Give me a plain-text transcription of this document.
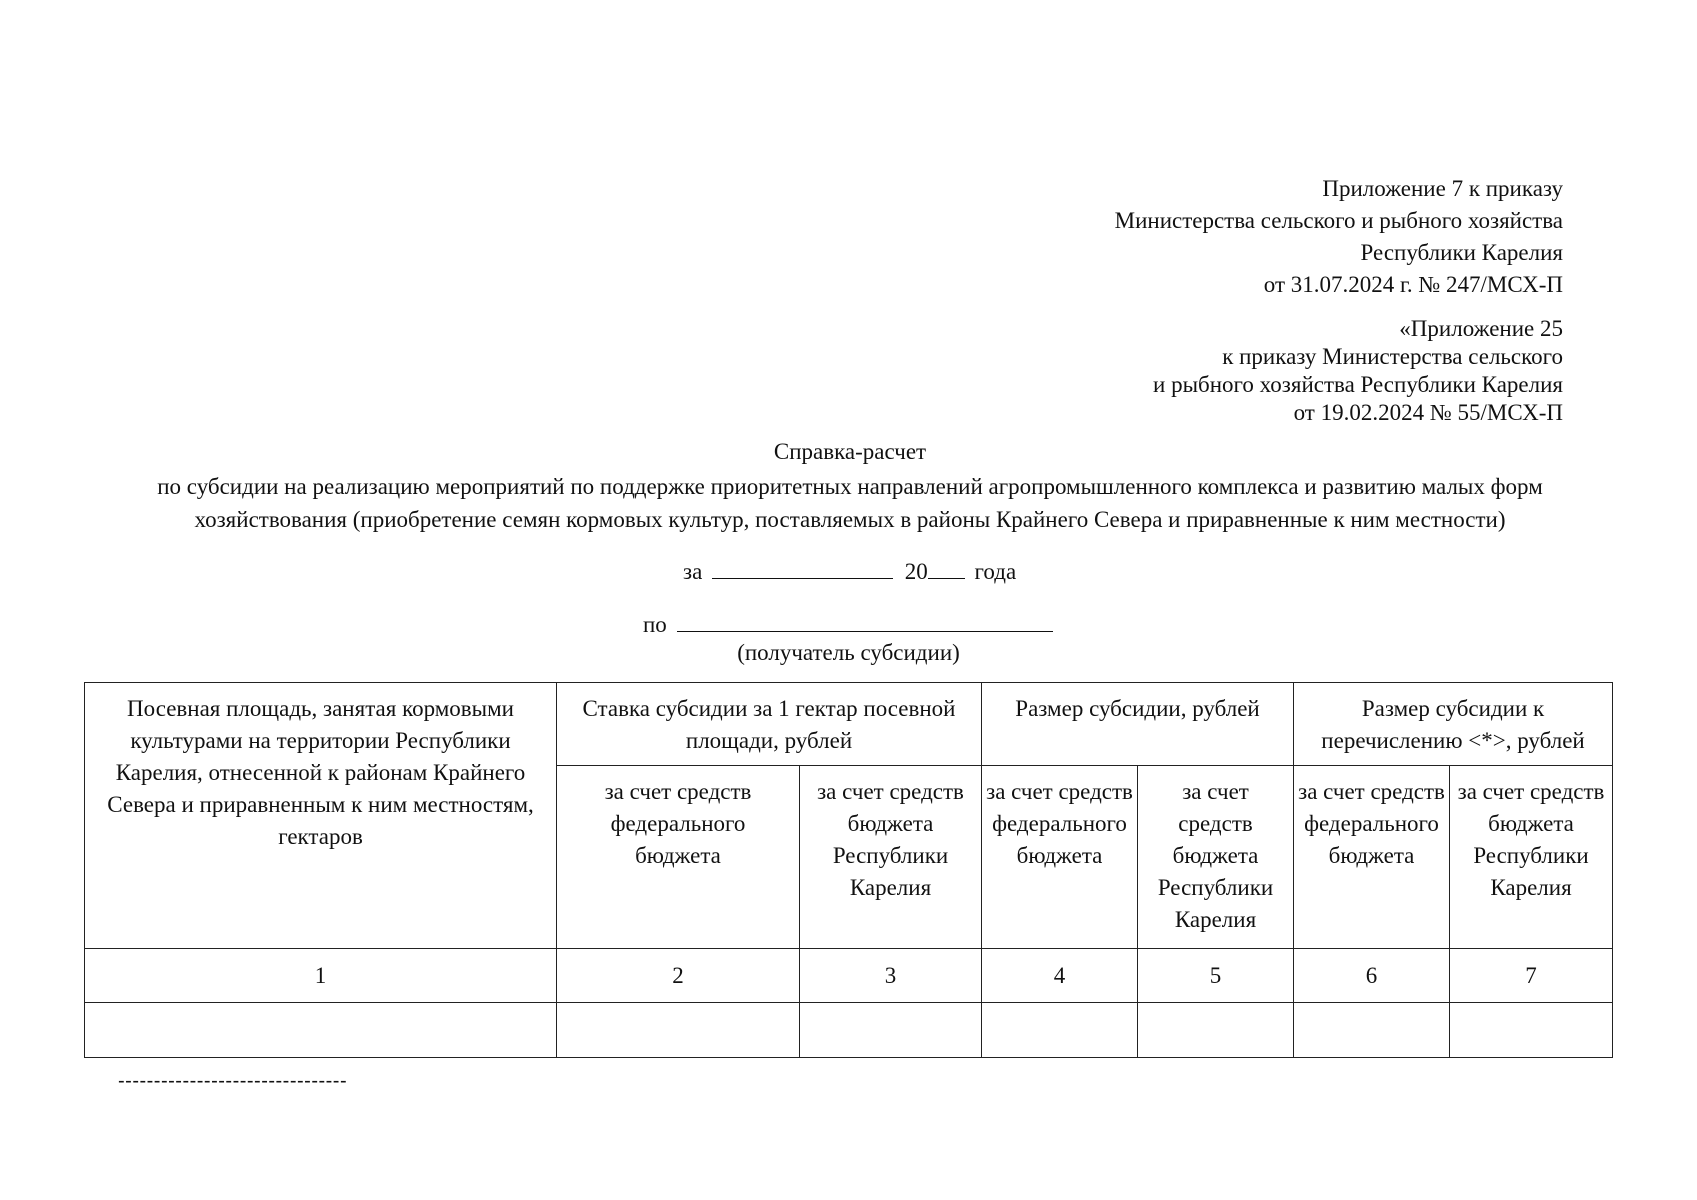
Приложение 7 к приказу
Министерства сельского и рыбного хозяйства
Республики Карелия
от 31.07.2024 г. № 247/МСХ-П
«Приложение 25
к приказу Министерства сельского
и рыбного хозяйства Республики Карелия
от 19.02.2024 № 55/МСХ-П
Справка-расчет
по субсидии на реализацию мероприятий по поддержке приоритетных направлений агропромышленного комплекса и развитию малых форм
хозяйствования (приобретение семян кормовых культур, поставляемых в районы Крайнего Севера и приравненные к ним местности)
за	20 года
по
(получатель субсидии)
Посевная площадь, занятая кормовыми культурами на территории Республики Карелия, отнесенной к районам Крайнего Севера и приравненным к ним местностям, гектаров	Ставка субсидии за 1 гектар посевной площади, рублей		Размер субсидии, рублей		Размер субсидии к перечислению <*>, рублей	
	за счет средств федерального бюджета	за счет средств бюджета Республики Карелия	за счет средств федерального бюджета	за счет средств бюджета Республики Карелия	за счет средств федерального бюджета	за счет средств бюджета Республики Карелия
1	2	3	4	5	6	7

--------------------------------
